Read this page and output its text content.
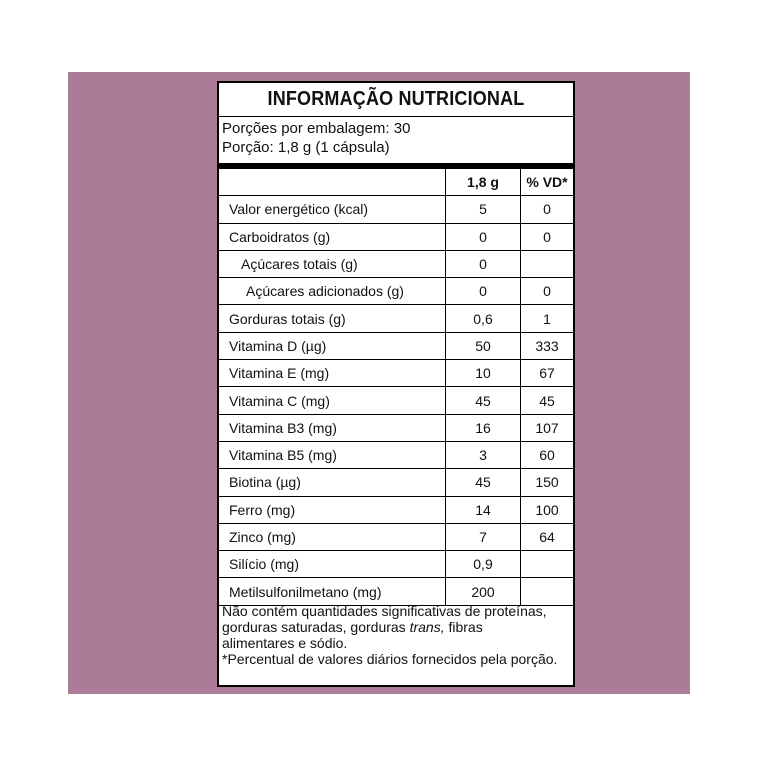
INFORMAÇÃO NUTRICIONAL
Porções por embalagem: 30
Porção: 1,8 g (1 cápsula)
	1,8 g	% VD*
Valor energético (kcal)	5	0
Carboidratos (g)	0	0
Açúcares totais (g)	0	
Açúcares adicionados (g)	0	0
Gorduras totais (g)	0,6	1
Vitamina D (µg)	50	333
Vitamina E (mg)	10	67
Vitamina C (mg)	45	45
Vitamina B3 (mg)	16	107
Vitamina B5 (mg)	3	60
Biotina (µg)	45	150
Ferro (mg)	14	100
Zinco (mg)	7	64
Silício (mg)	0,9	
Metilsulfonilmetano (mg)	200	
Não contém quantidades significativas de proteínas,
gorduras saturadas, gorduras trans, fibras
alimentares e sódio.
*Percentual de valores diários fornecidos pela porção.
